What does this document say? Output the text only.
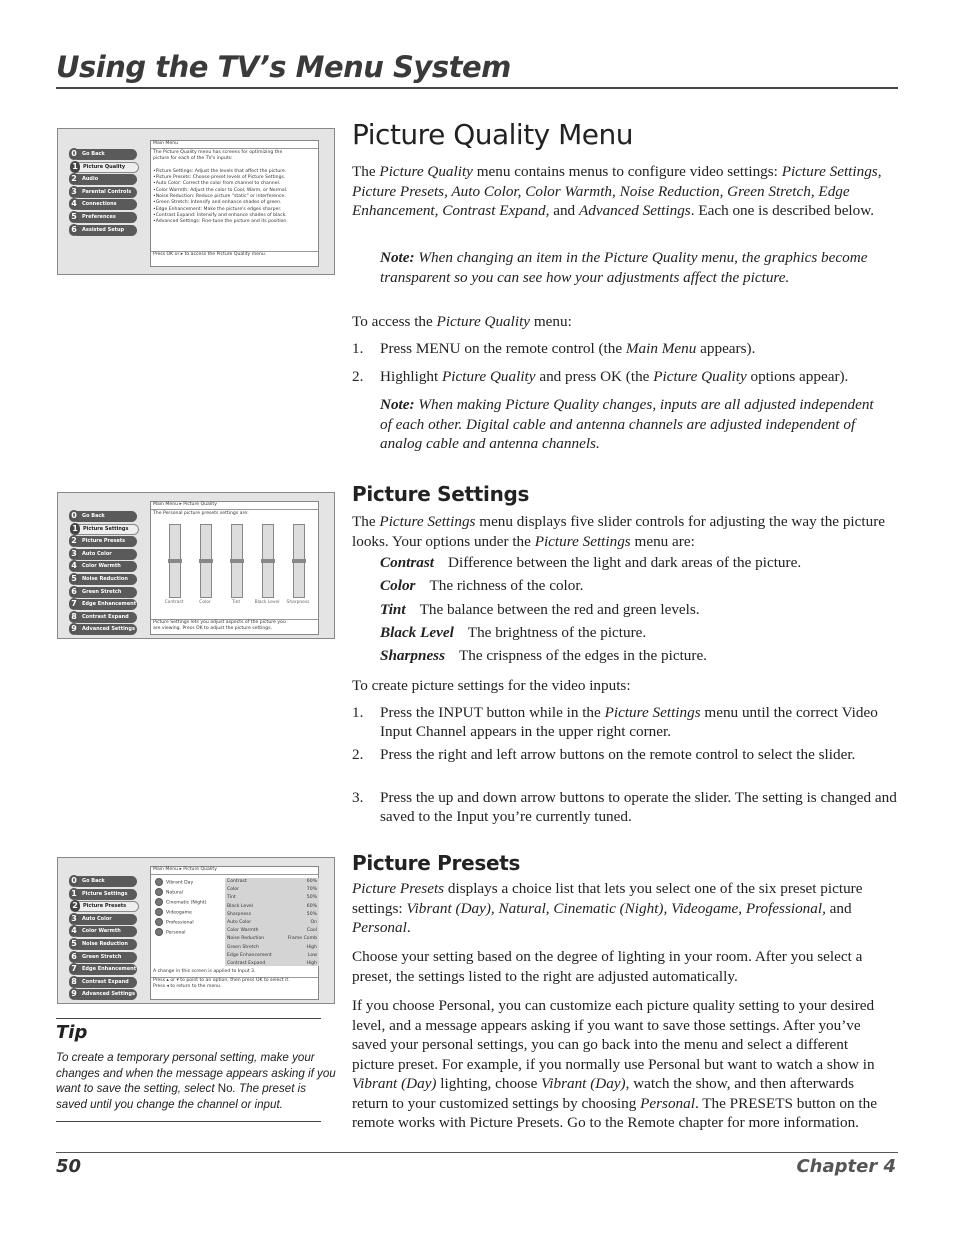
Using the TV’s Menu System
0	Go Back
1	Picture Quality
2	Audio
3	Parental Controls
4	Connections
5	Preferences
6	Assisted Setup
Main Menu
The Picture Quality menu has screens for optimizing the
picture for each of the TV's inputs:

•Picture Settings: Adjust the levels that affect the picture.
•Picture Presets: Choose preset levels of Picture Settings.
•Auto Color: Correct the color from channel to channel.
•Color Warmth: Adjust the color to Cool, Warm, or Normal.
•Noise Reduction: Reduce picture "static" or interference.
•Green Stretch: Intensify and enhance shades of green.
•Edge Enhancement: Make the picture's edges sharper.
•Contrast Expand: Intensify and enhance shades of black.
•Advanced Settings: Fine-tune the picture and its position.
Press OK or ▸ to access the Picture Quality menu.
Picture Quality Menu
The Picture Quality menu contains menus to configure video settings: Picture Settings, Picture Presets, Auto Color, Color Warmth, Noise Reduction, Green Stretch, Edge Enhancement, Contrast Expand, and Advanced Settings. Each one is described below.
Note: When changing an item in the Picture Quality menu, the graphics become transparent so you can see how your adjustments affect the picture.
To access the Picture Quality menu:
1. Press MENU on the remote control (the Main Menu appears).
2. Highlight Picture Quality and press OK (the Picture Quality options appear).
Note: When making Picture Quality changes, inputs are all adjusted independent of each other. Digital cable and antenna channels are adjusted independent of analog cable and antenna channels.
0	Go Back
1	Picture Settings
2	Picture Presets
3	Auto Color
4	Color Warmth
5	Noise Reduction
6	Green Stretch
7	Edge Enhancement
8	Contrast Expand
9	Advanced Settings
Main Menu ▸ Picture Quality
The Personal picture presets settings are:
Contrast	Color	Tint	Black Level	Sharpness
Picture Settings lets you adjust aspects of the picture you
are viewing. Press OK to adjust the picture settings.
Picture Settings
The Picture Settings menu displays five slider controls for adjusting the way the picture looks. Your options under the Picture Settings menu are:
Contrast Difference between the light and dark areas of the picture.
Color The richness of the color.
Tint The balance between the red and green levels.
Black Level The brightness of the picture.
Sharpness The crispness of the edges in the picture.
To create picture settings for the video inputs:
1. Press the INPUT button while in the Picture Settings menu until the correct Video Input Channel appears in the upper right corner.
2. Press the right and left arrow buttons on the remote control to select the slider.
3. Press the up and down arrow buttons to operate the slider. The setting is changed and saved to the Input you’re currently tuned.
0	Go Back
1	Picture Settings
2	Picture Presets
3	Auto Color
4	Color Warmth
5	Noise Reduction
6	Green Stretch
7	Edge Enhancement
8	Contrast Expand
9	Advanced Settings
Main Menu ▸ Picture Quality
Vibrant Day
Natural
Cinematic (Night)
Videogame
Professional
Personal
Contrast	60%
Color	70%
Tint	50%
Black Level	60%
Sharpness	50%
Auto Color	On
Color Warmth	Cool
Noise Reduction	Frame Comb
Green Stretch	High
Edge Enhancement	Low
Contrast Expand	High
A change in this screen is applied to Input 3.
Press ▴ or ▾ to point to an option, then press OK to select it.
Press ◂ to return to the menu.
Picture Presets
Picture Presets displays a choice list that lets you select one of the six preset picture settings: Vibrant (Day), Natural, Cinematic (Night), Videogame, Professional, and Personal.
Choose your setting based on the degree of lighting in your room. After you select a preset, the settings listed to the right are adjusted automatically.
If you choose Personal, you can customize each picture quality setting to your desired level, and a message appears asking if you want to save those settings. After you’ve saved your personal settings, you can go back into the menu and select a different picture preset. For example, if you normally use Personal but want to watch a show in Vibrant (Day) lighting, choose Vibrant (Day), watch the show, and then afterwards return to your customized settings by choosing Personal. The PRESETS button on the remote works with Picture Presets. Go to the Remote chapter for more information.
Tip
To create a temporary personal setting, make your changes and when the message appears asking if you want to save the setting, select No. The preset is saved until you change the channel or input.
50	Chapter 4
